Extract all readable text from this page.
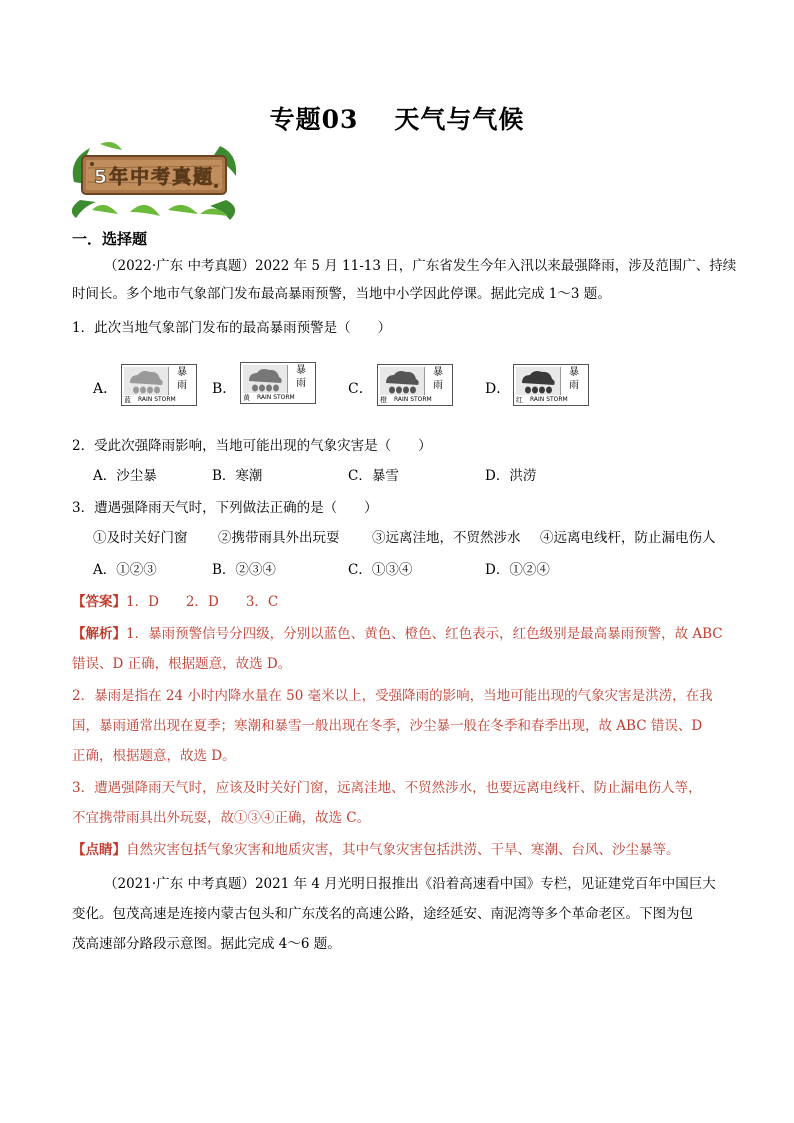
专题03 天气与气候
5年中考真题
一．选择题
（2022·广东 中考真题）2022 年 5 月 11-13 日，广东省发生今年入汛以来最强降雨，涉及范围广、持续
时间长。多个地市气象部门发布最高暴雨预警，当地中小学因此停课。据此完成 1～3 题。
1．此次当地气象部门发布的最高暴雨预警是（　　）
A．
暴
雨
蓝 RAIN STORM
B．
暴
雨
黄 RAIN STORM
C．
暴
雨
橙 RAIN STORM
D．
暴
雨
红 RAIN STORM
2．受此次强降雨影响，当地可能出现的气象灾害是（　　）
A．沙尘暴	B．寒潮	C．暴雪	D．洪涝
3．遭遇强降雨天气时，下列做法正确的是（　　）
①及时关好门窗 ②携带雨具外出玩耍 ③远离洼地，不贸然涉水 ④远离电线杆，防止漏电伤人
A．①②③	B．②③④	C．①③④	D．①②④
【答案】1．D　　2．D　　3．C
【解析】1．暴雨预警信号分四级，分别以蓝色、黄色、橙色、红色表示，红色级别是最高暴雨预警，故 ABC
错误、D 正确，根据题意，故选 D。
2．暴雨是指在 24 小时内降水量在 50 毫米以上，受强降雨的影响，当地可能出现的气象灾害是洪涝，在我
国，暴雨通常出现在夏季；寒潮和暴雪一般出现在冬季，沙尘暴一般在冬季和春季出现，故 ABC 错误、D
正确，根据题意，故选 D。
3．遭遇强降雨天气时，应该及时关好门窗，远离洼地、不贸然涉水，也要远离电线杆、防止漏电伤人等，
不宜携带雨具出外玩耍，故①③④正确，故选 C。
【点睛】自然灾害包括气象灾害和地质灾害，其中气象灾害包括洪涝、干旱、寒潮、台风、沙尘暴等。
（2021·广东 中考真题）2021 年 4 月光明日报推出《沿着高速看中国》专栏，见证建党百年中国巨大
变化。包茂高速是连接内蒙古包头和广东茂名的高速公路，途经延安、南泥湾等多个革命老区。下图为包
茂高速部分路段示意图。据此完成 4～6 题。
